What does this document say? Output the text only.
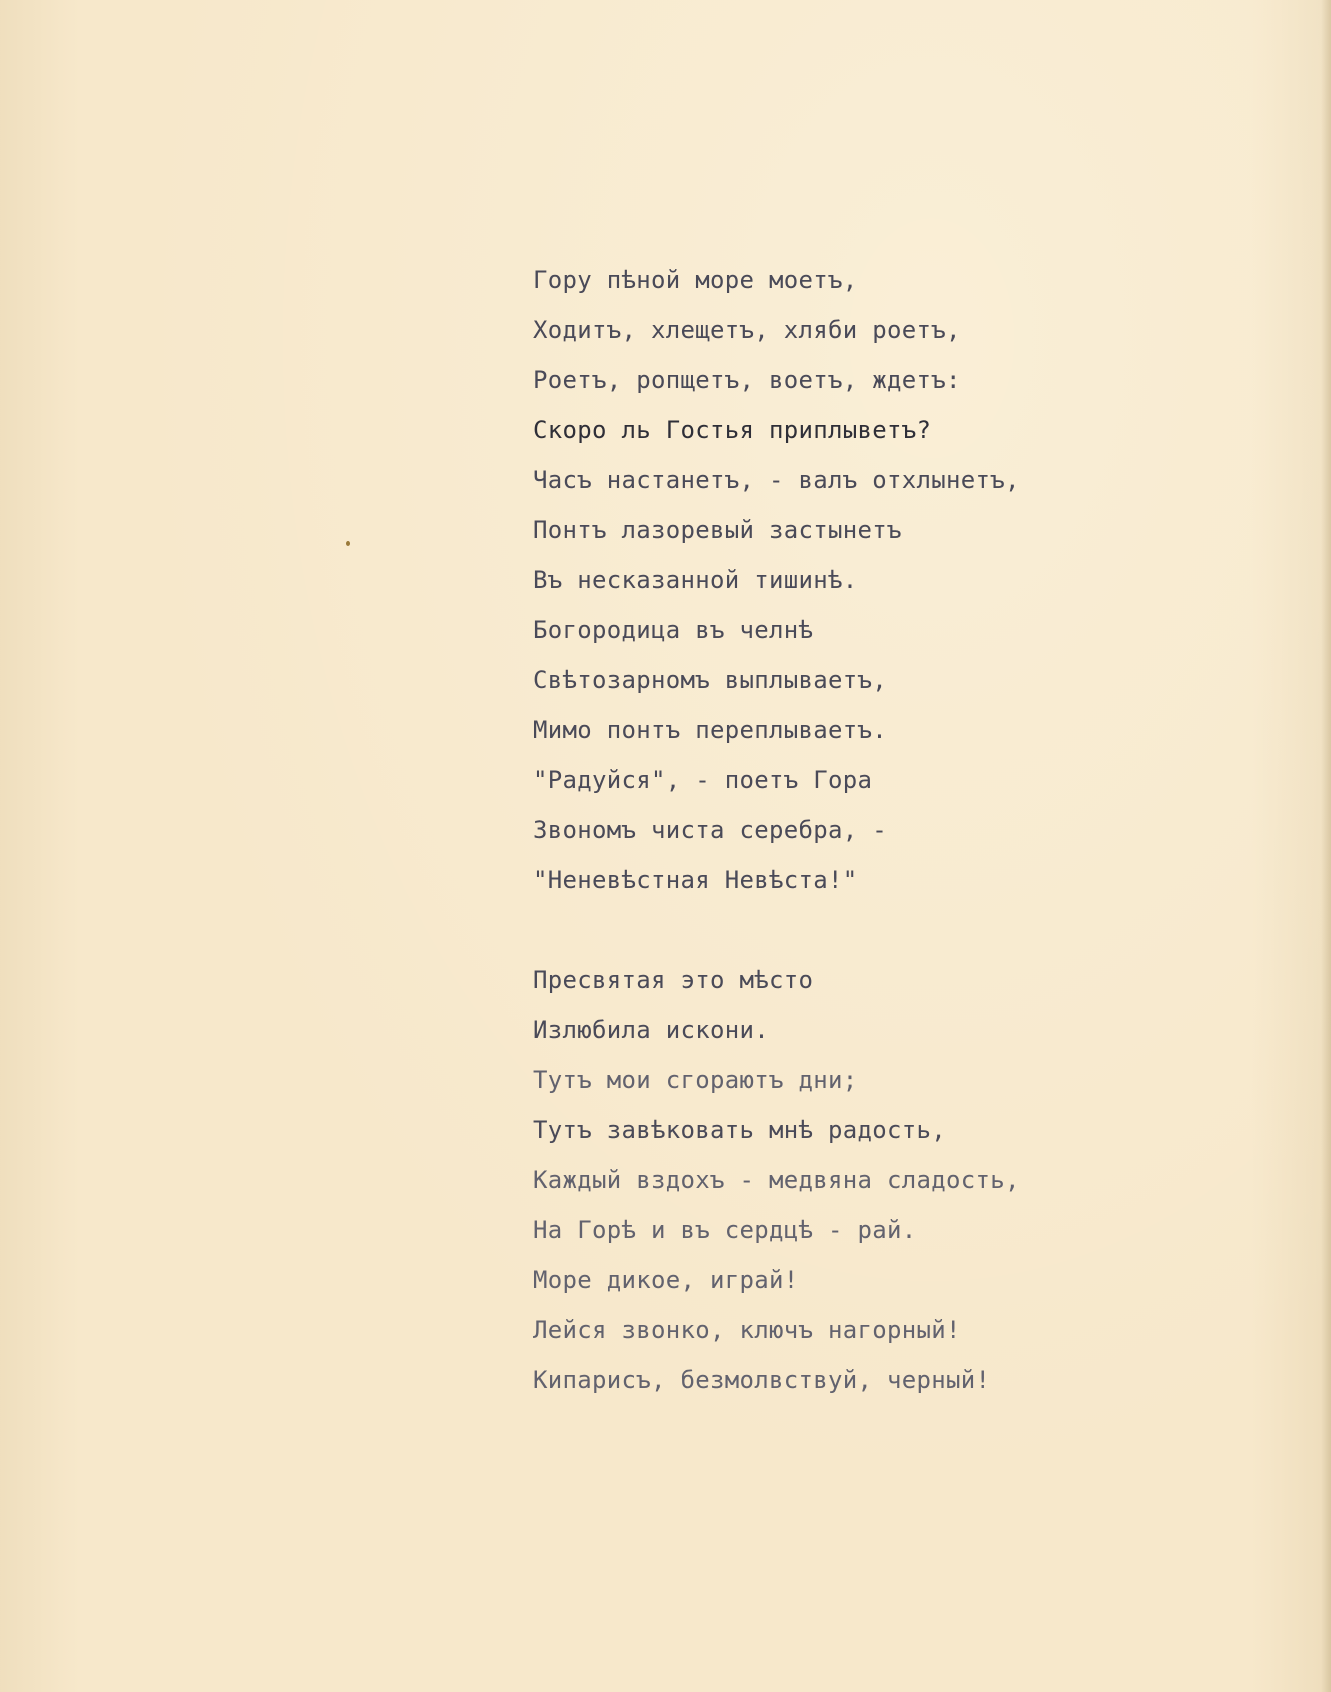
Гору пѣной море моетъ,
Ходитъ, хлещетъ, хляби роетъ,
Роетъ, ропщетъ, воетъ, ждетъ:
Скоро ль Гостья приплыветъ?
Часъ настанетъ, - валъ отхлынетъ,
Понтъ лазоревый застынетъ
Въ несказанной тишинѣ.
Богородица въ челнѣ
Свѣтозарномъ выплываетъ,
Мимо понтъ переплываетъ.
"Радуйся", - поетъ Гора
Звономъ чиста серебра, -
"Неневѣстная Невѣста!"
Пресвятая это мѣсто
Излюбила искони.
Тутъ мои сгораютъ дни;
Тутъ завѣковать мнѣ радость,
Каждый вздохъ - медвяна сладость,
На Горѣ и въ сердцѣ - рай.
Море дикое, играй!
Лейся звонко, ключъ нагорный!
Кипарисъ, безмолвствуй, черный!
